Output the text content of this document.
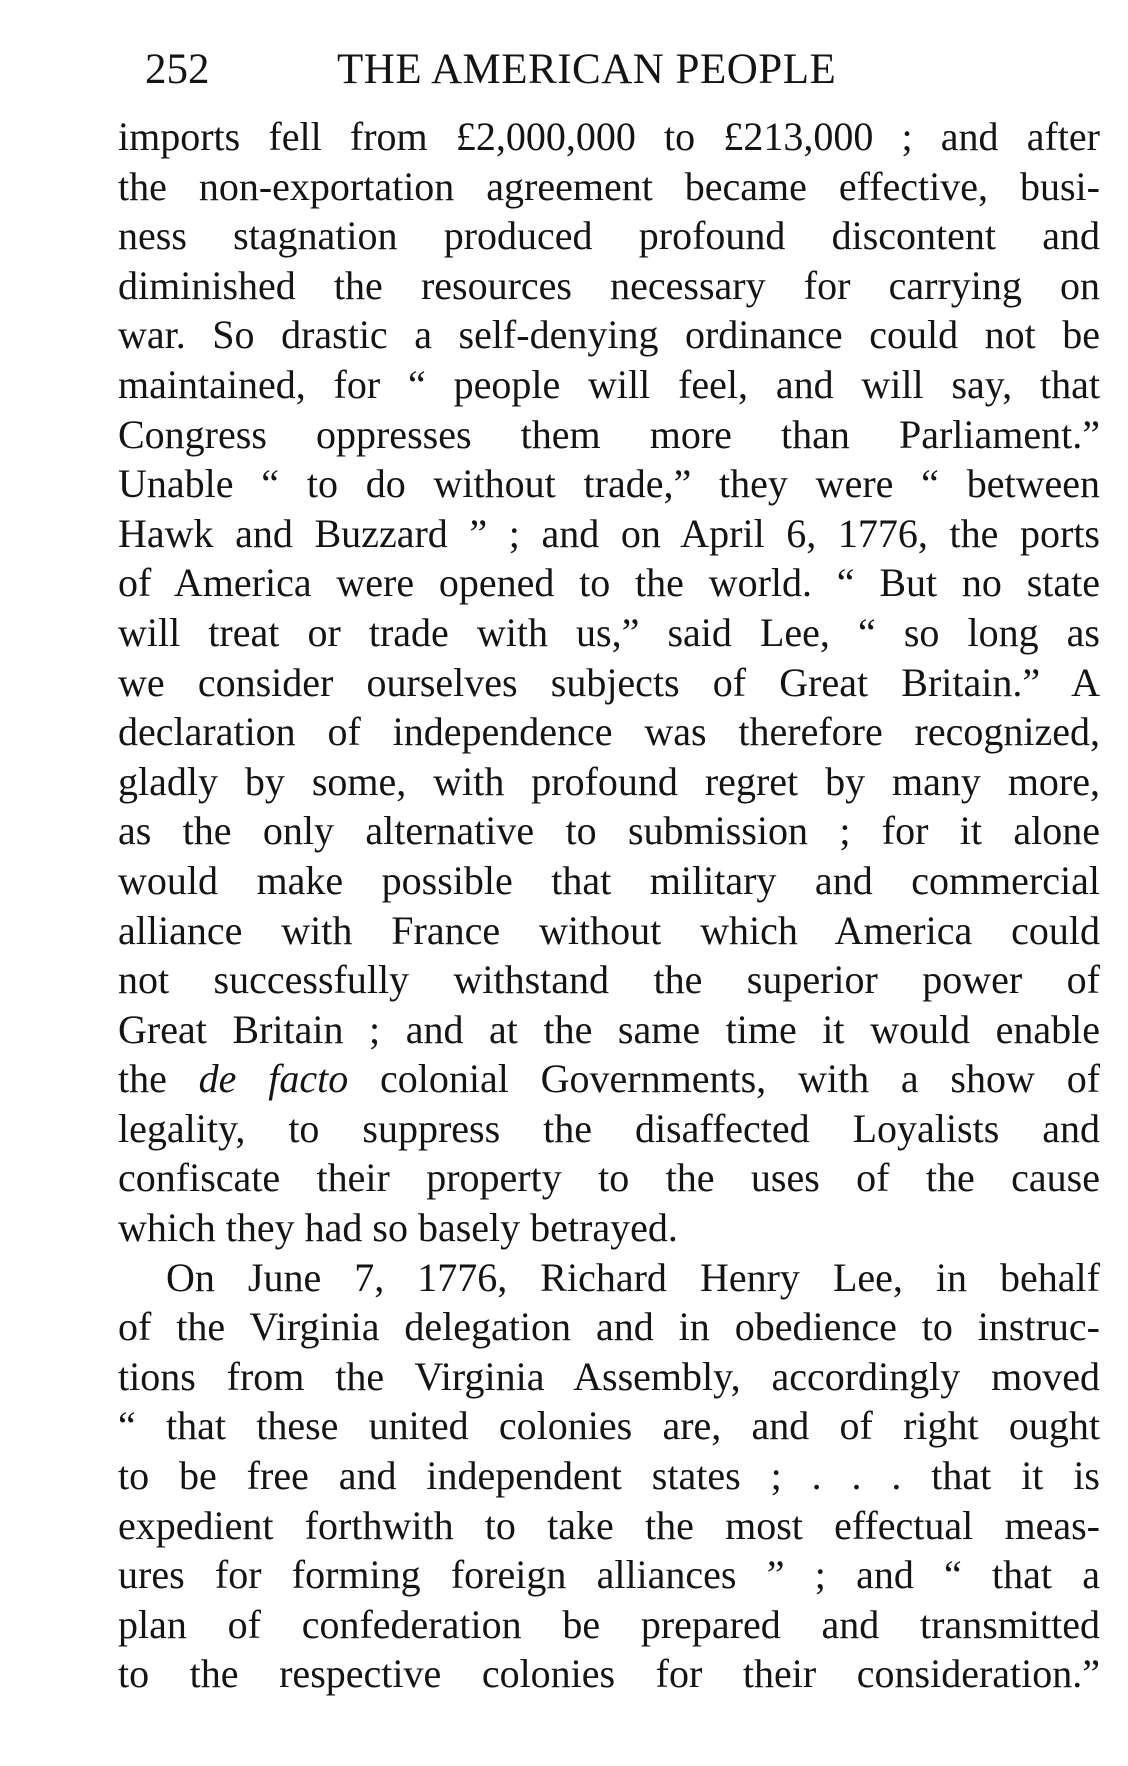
252	THE AMERICAN PEOPLE
imports fell from £2,000,000 to £213,000 ; and after
the non-exportation agreement became effective, busi-
ness stagnation produced profound discontent and
diminished the resources necessary for carrying on
war. So drastic a self-denying ordinance could not be
maintained, for “ people will feel, and will say, that
Congress oppresses them more than Parliament.”
Unable “ to do without trade,” they were “ between
Hawk and Buzzard ” ; and on April 6, 1776, the ports
of America were opened to the world. “ But no state
will treat or trade with us,” said Lee, “ so long as
we consider ourselves subjects of Great Britain.” A
declaration of independence was therefore recognized,
gladly by some, with profound regret by many more,
as the only alternative to submission ; for it alone
would make possible that military and commercial
alliance with France without which America could
not successfully withstand the superior power of
Great Britain ; and at the same time it would enable
the de facto colonial Governments, with a show of
legality, to suppress the disaffected Loyalists and
confiscate their property to the uses of the cause
which they had so basely betrayed.
On June 7, 1776, Richard Henry Lee, in behalf
of the Virginia delegation and in obedience to instruc-
tions from the Virginia Assembly, accordingly moved
“ that these united colonies are, and of right ought
to be free and independent states ; . . . that it is
expedient forthwith to take the most effectual meas-
ures for forming foreign alliances ” ; and “ that a
plan of confederation be prepared and transmitted
to the respective colonies for their consideration.”
